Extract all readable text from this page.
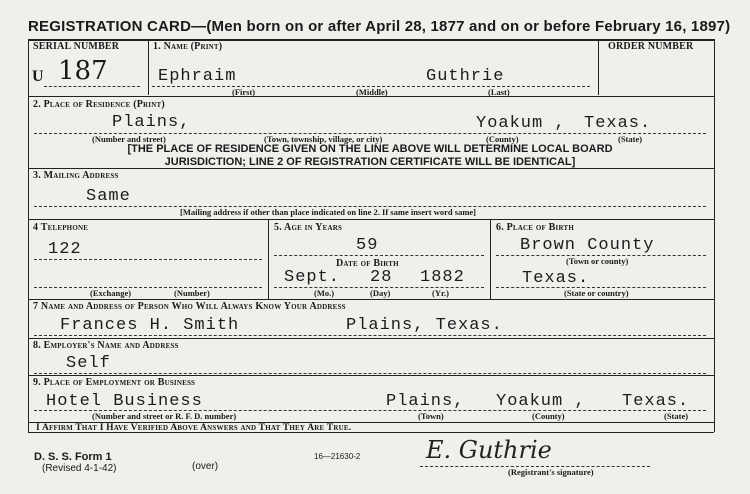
REGISTRATION CARD—(Men born on or after April 28, 1877 and on or before February 16, 1897)
SERIAL NUMBER	1. Name (Print)	ORDER NUMBER
U 187	Ephraim	Guthrie
(First)	(Middle)	(Last)
2. Place of Residence (Print)
Plains,	Yoakum , Texas.
(Number and street)	(Town, township, village, or city)	(County)	(State)
[THE PLACE OF RESIDENCE GIVEN ON THE LINE ABOVE WILL DETERMINE LOCAL BOARD
JURISDICTION; LINE 2 OF REGISTRATION CERTIFICATE WILL BE IDENTICAL]
3. Mailing Address
Same
[Mailing address if other than place indicated on line 2. If same insert word same]
4 Telephone
122
(Exchange)	(Number)
5. Age in Years
59
Date of Birth
Sept. 28 1882
(Mo.)	(Day)	(Yr.)
6. Place of Birth
Brown County
(Town or county)
Texas.
(State or country)
7 Name and Address of Person Who Will Always Know Your Address
Frances H. Smith	Plains, Texas.
8. Employer's Name and Address
Self
9. Place of Employment or Business
Hotel Business	Plains, Yoakum , Texas.
(Number and street or R. F. D. number)	(Town)	(County)	(State)
I Affirm That I Have Verified Above Answers and That They Are True.
E. Guthrie
(Registrant's signature)
D. S. S. Form 1
(Revised 4-1-42)	(over)
16—21630-2
